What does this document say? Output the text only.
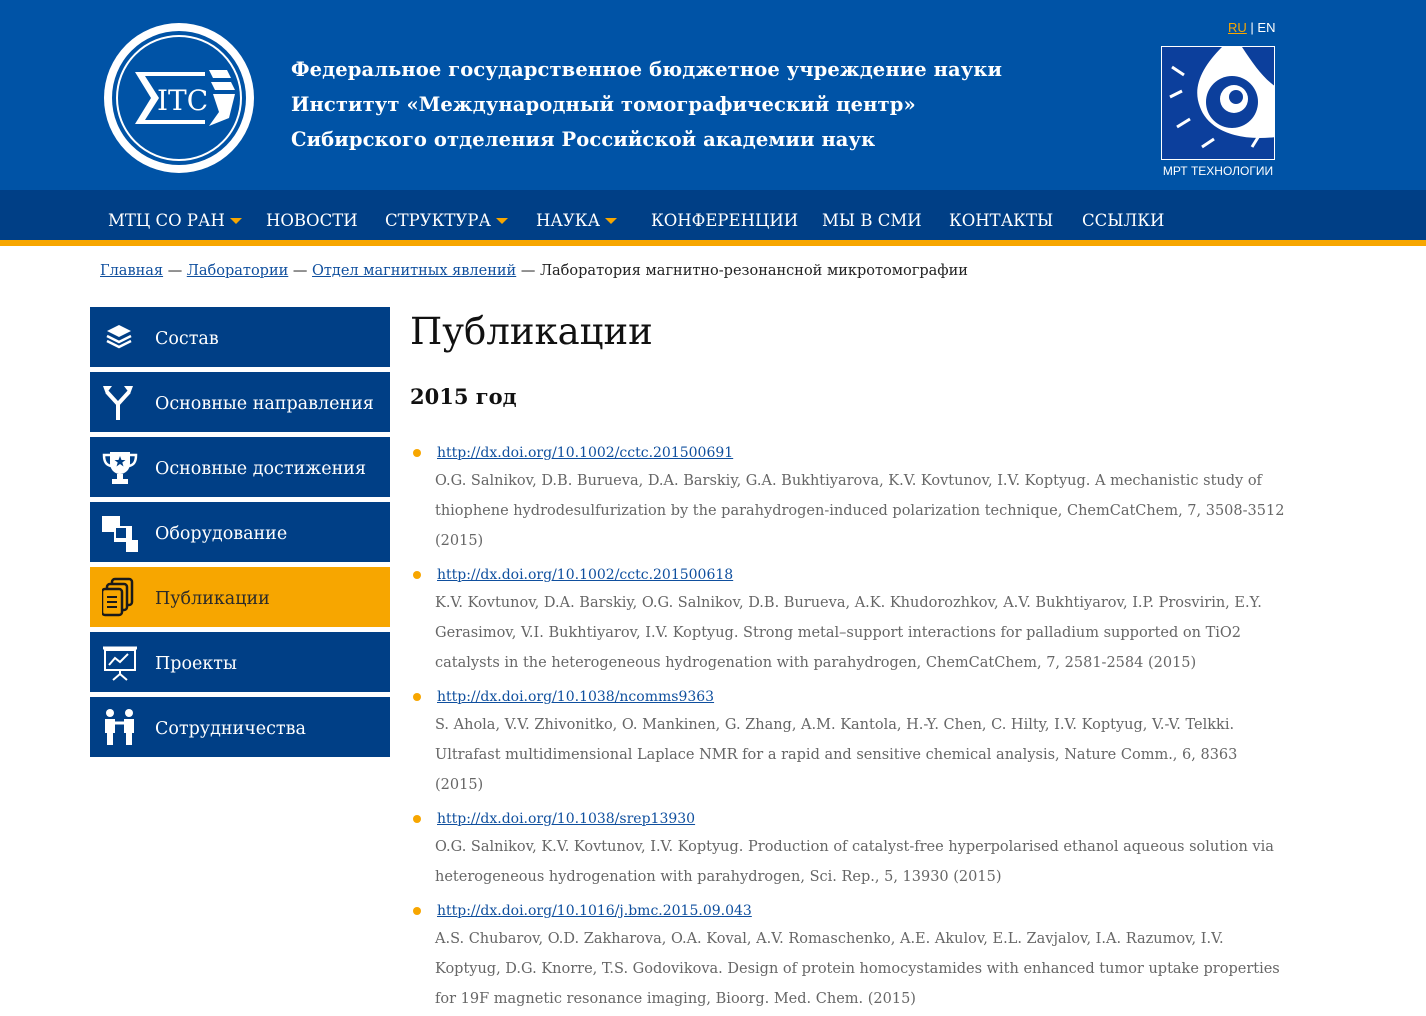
ITC
Федеральное государственное бюджетное учреждение науки
Институт «Международный томографический центр»
Сибирского отделения Российской академии наук
RU | EN
МРТ ТЕХНОЛОГИИ
МТЦ СО РАН	НОВОСТИ СТРУКТУРА	НАУКА	КОНФЕРЕНЦИИ МЫ В СМИ КОНТАКТЫ ССЫЛКИ
Главная — Лаборатории — Отдел магнитных явлений — Лаборатория магнитно-резонансной микротомографии
Состав
Основные направления
Основные достижения
Оборудование
Публикации
Проекты
Сотрудничества
Публикации
2015 год
http://dx.doi.org/10.1002/cctc.201500691
O.G. Salnikov, D.B. Burueva, D.A. Barskiy, G.A. Bukhtiyarova, K.V. Kovtunov, I.V. Koptyug. A mechanistic study of thiophene hydrodesulfurization by the parahydrogen-induced polarization technique, ChemCatChem, 7, 3508-3512 (2015)
http://dx.doi.org/10.1002/cctc.201500618
K.V. Kovtunov, D.A. Barskiy, O.G. Salnikov, D.B. Burueva, A.K. Khudorozhkov, A.V. Bukhtiyarov, I.P. Prosvirin, E.Y. Gerasimov, V.I. Bukhtiyarov, I.V. Koptyug. Strong metal–support interactions for palladium supported on TiO2 catalysts in the heterogeneous hydrogenation with parahydrogen, ChemCatChem, 7, 2581-2584 (2015)
http://dx.doi.org/10.1038/ncomms9363
S. Ahola, V.V. Zhivonitko, O. Mankinen, G. Zhang, A.M. Kantola, H.-Y. Chen, C. Hilty, I.V. Koptyug, V.-V. Telkki. Ultrafast multidimensional Laplace NMR for a rapid and sensitive chemical analysis, Nature Comm., 6, 8363 (2015)
http://dx.doi.org/10.1038/srep13930
O.G. Salnikov, K.V. Kovtunov, I.V. Koptyug. Production of catalyst-free hyperpolarised ethanol aqueous solution via heterogeneous hydrogenation with parahydrogen, Sci. Rep., 5, 13930 (2015)
http://dx.doi.org/10.1016/j.bmc.2015.09.043
A.S. Chubarov, O.D. Zakharova, O.A. Koval, A.V. Romaschenko, A.E. Akulov, E.L. Zavjalov, I.A. Razumov, I.V. Koptyug, D.G. Knorre, T.S. Godovikova. Design of protein homocystamides with enhanced tumor uptake properties for 19F magnetic resonance imaging, Bioorg. Med. Chem. (2015)
